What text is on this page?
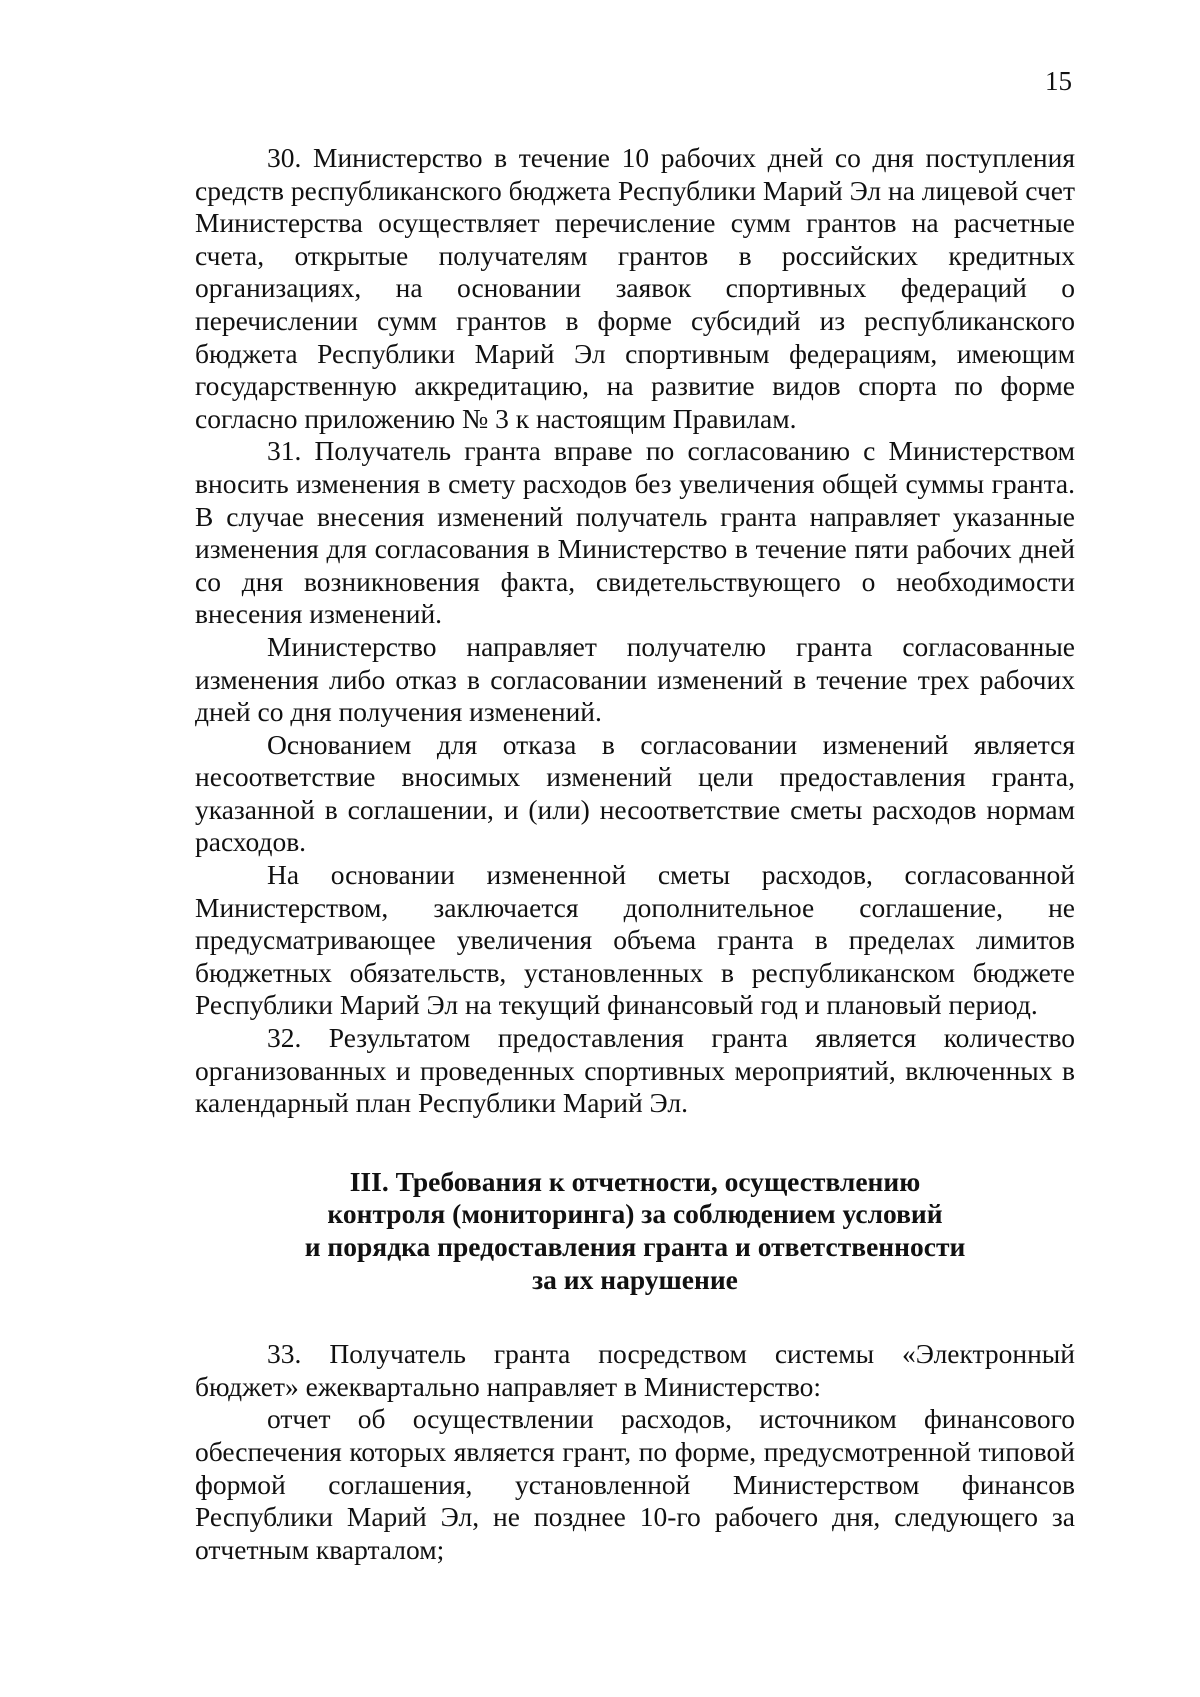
15

30. Министерство в течение 10 рабочих дней со дня поступления средств республиканского бюджета Республики Марий Эл на лицевой счет Министерства осуществляет перечисление сумм грантов на расчетные счета, открытые получателям грантов в российских кредитных организациях, на основании заявок спортивных федераций о перечислении сумм грантов в форме субсидий из республиканского бюджета Республики Марий Эл спортивным федерациям, имеющим государственную аккредитацию, на развитие видов спорта по форме согласно приложению № 3 к настоящим Правилам.

31. Получатель гранта вправе по согласованию с Министерством вносить изменения в смету расходов без увеличения общей суммы гранта. В случае внесения изменений получатель гранта направляет указанные изменения для согласования в Министерство в течение пяти рабочих дней со дня возникновения факта, свидетельствующего о необходимости внесения изменений.

Министерство направляет получателю гранта согласованные изменения либо отказ в согласовании изменений в течение трех рабочих дней со дня получения изменений.

Основанием для отказа в согласовании изменений является несоответствие вносимых изменений цели предоставления гранта, указанной в соглашении, и (или) несоответствие сметы расходов нормам расходов.

На основании измененной сметы расходов, согласованной Министерством, заключается дополнительное соглашение, не предусматривающее увеличения объема гранта в пределах лимитов бюджетных обязательств, установленных в республиканском бюджете Республики Марий Эл на текущий финансовый год и плановый период.

32. Результатом предоставления гранта является количество организованных и проведенных спортивных мероприятий, включенных в календарный план Республики Марий Эл.

III. Требования к отчетности, осуществлению
контроля (мониторинга) за соблюдением условий
и порядка предоставления гранта и ответственности
за их нарушение

33. Получатель гранта посредством системы «Электронный бюджет» ежеквартально направляет в Министерство:

отчет об осуществлении расходов, источником финансового обеспечения которых является грант, по форме, предусмотренной типовой формой соглашения, установленной Министерством финансов Республики Марий Эл, не позднее 10-го рабочего дня, следующего за отчетным кварталом;
